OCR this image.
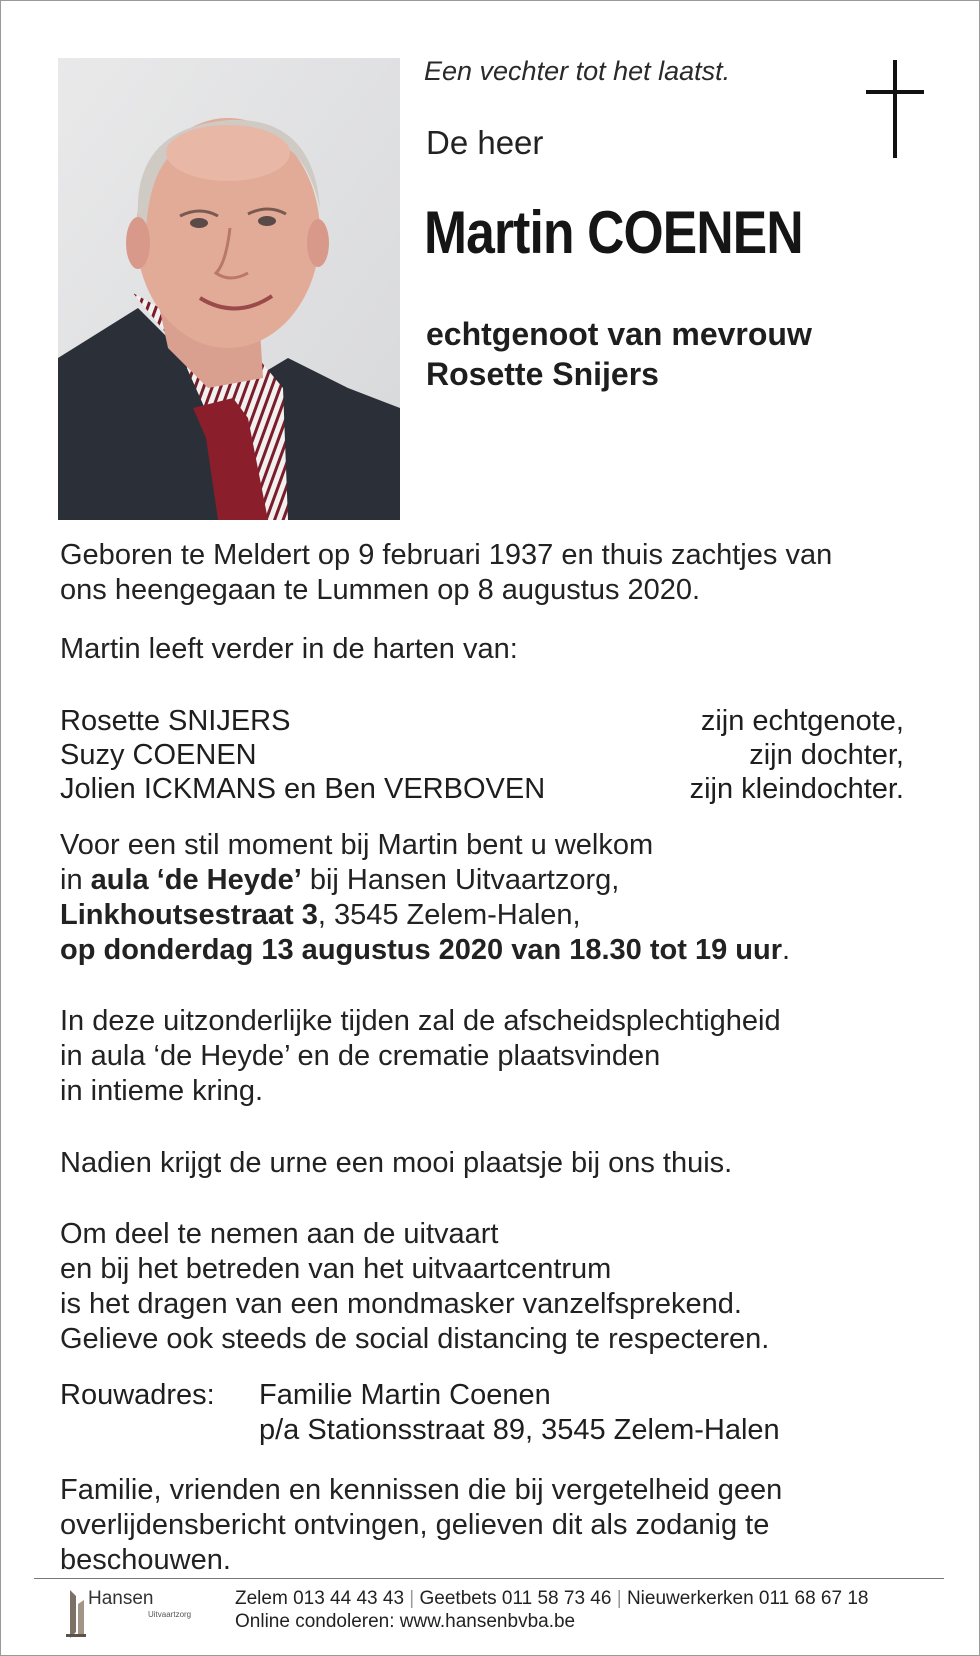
Een vechter tot het laatst.
De heer
Martin COENEN
echtgenoot van mevrouw
Rosette Snijers
Geboren te Meldert op 9 februari 1937 en thuis zachtjes van
ons heengegaan te Lummen op 8 augustus 2020.
Martin leeft verder in de harten van:
Rosette SNIJERS	zijn echtgenote,
Suzy COENEN	zijn dochter,
Jolien ICKMANS en Ben VERBOVEN	zijn kleindochter.
Voor een stil moment bij Martin bent u welkom
in aula ‘de Heyde’ bij Hansen Uitvaartzorg,
Linkhoutsestraat 3, 3545 Zelem-Halen,
op donderdag 13 augustus 2020 van 18.30 tot 19 uur.
In deze uitzonderlijke tijden zal de afscheidsplechtigheid
in aula ‘de Heyde’ en de crematie plaatsvinden
in intieme kring.
Nadien krijgt de urne een mooi plaatsje bij ons thuis.
Om deel te nemen aan de uitvaart
en bij het betreden van het uitvaartcentrum
is het dragen van een mondmasker vanzelfsprekend.
Gelieve ook steeds de social distancing te respecteren.
Rouwadres: Familie Martin Coenen
p/a Stationsstraat 89, 3545 Zelem-Halen
Familie, vrienden en kennissen die bij vergetelheid geen
overlijdensbericht ontvingen, gelieven dit als zodanig te
beschouwen.
Hansen
Uitvaartzorg
Zelem 013 44 43 43 | Geetbets 011 58 73 46 | Nieuwerkerken 011 68 67 18
Online condoleren: www.hansenbvba.be
